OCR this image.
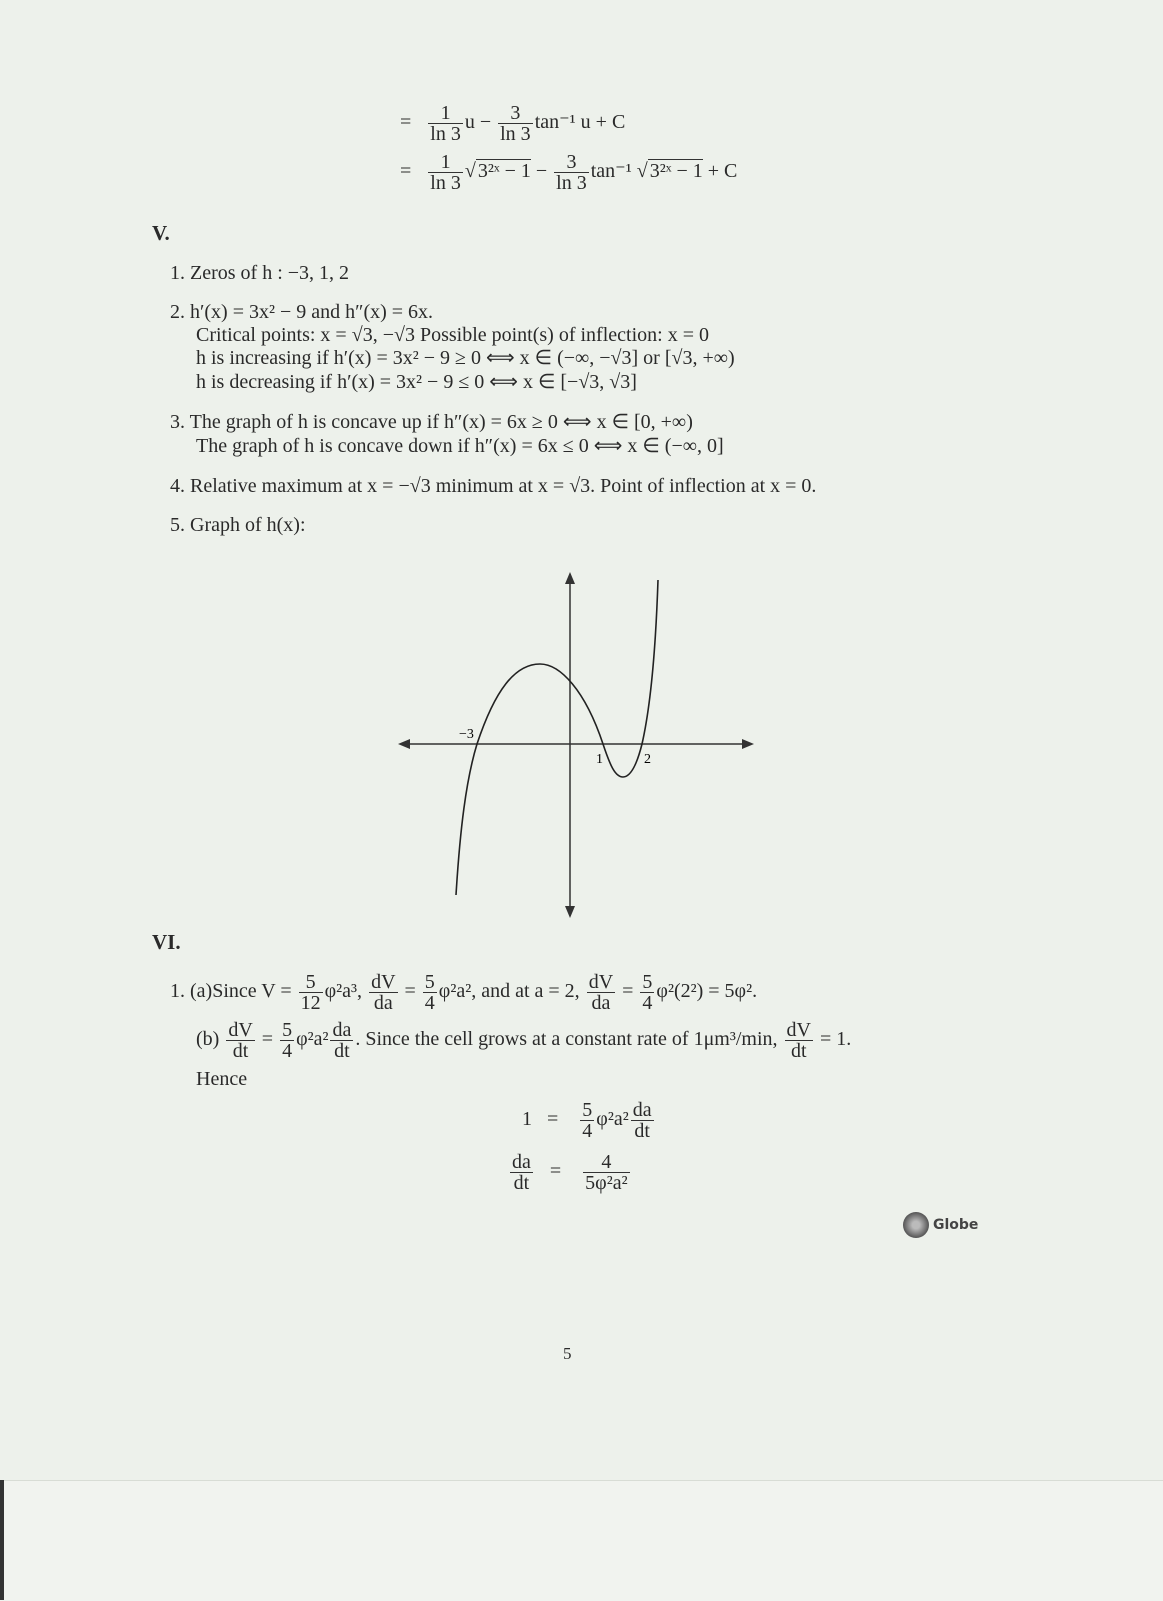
= $\frac{1}{\ln 3}$ $u - \frac{3}{\ln 3} \tan^{-1}$ u + C
= $\frac{1}{\ln 3}$ √ 3²ˣ − $1 - \frac{3}{\ln 3} \tan^{-1}$ √ 3²ˣ − 1 + C
V.
1. Zeros of h : −3, 1, 2
2. h′(x) = 3x² − 9 and h″(x) = 6x.
Critical points: x = √3, −√3 Possible point(s) of inflection: x = 0
h is increasing if h′(x) = 3x² − 9 ≥ 0 ⟺ x ∈ (−∞, −√3] or [√3, +∞)
h is decreasing if h′(x) = 3x² − 9 ≤ 0 ⟺ x ∈ [−√3, √3]
3. The graph of h is concave up if h″(x) = 6x ≥ 0 ⟺ x ∈ [0, +∞)
The graph of h is concave down if h″(x) = 6x ≤ 0 ⟺ x ∈ (−∞, 0]
4. Relative maximum at x = −√3 minimum at x = √3. Point of inflection at x = 0.
5. Graph of h(x):
−3
1	2
VI.
1. (a)Since $V = \frac{5}{12} \varphi^2a^3$, $\frac{dV}{da} = \frac{5}{4} \varphi^2a^2$, and at a = 2, $\frac{dV}{da} = \frac{5}{4} \varphi^2(2^2) = 5\varphi^2$.
$(b) \frac{dV}{dt} = \frac{5}{4} \varphi^2a^2 \frac{da}{dt}$ . Since the cell grows at a constant rate of 1μm³/min, $\frac{dV}{dt} = 1$.
Hence
$1 = \frac{5}{4} \varphi^2a^2 \frac{da}{dt}$
$\frac{da}{dt} = \frac{4}{\text{5φ²a²}}$
Globe
5
